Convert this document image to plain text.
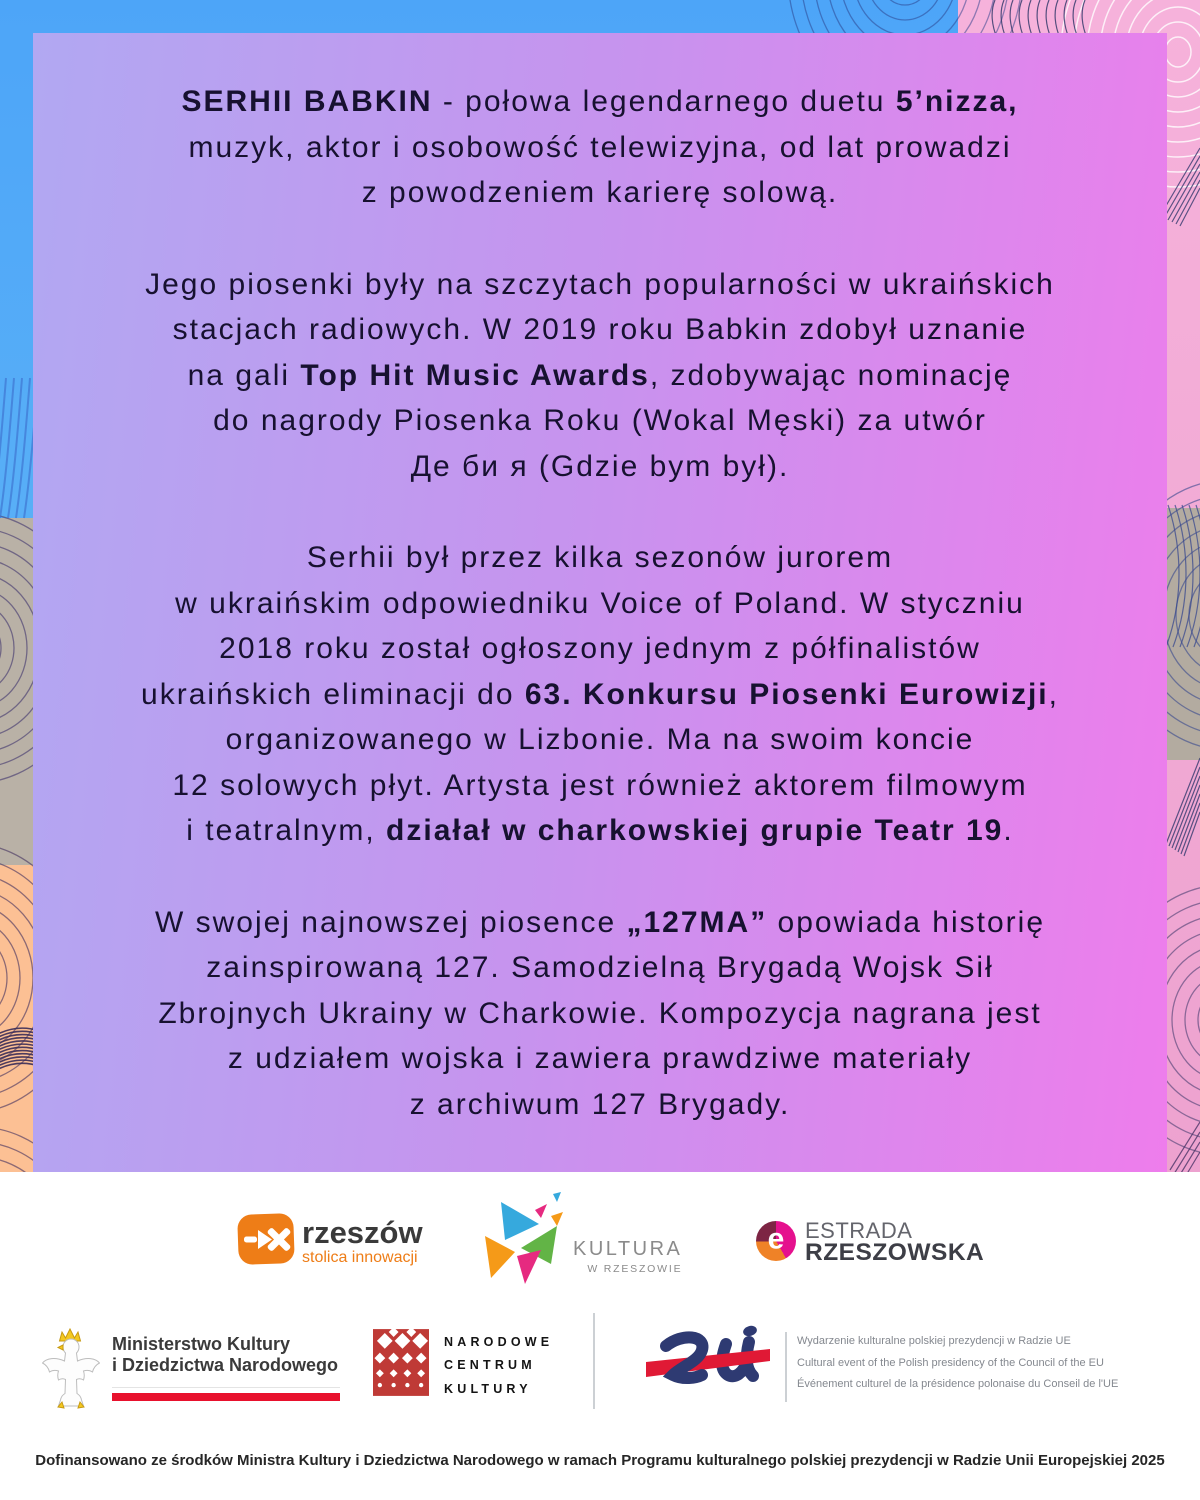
SERHII BABKIN - połowa legendarnego duetu 5’nizza,
muzyk, aktor i osobowość telewizyjna, od lat prowadzi
z powodzeniem karierę solową.
Jego piosenki były na szczytach popularności w ukraińskich
stacjach radiowych. W 2019 roku Babkin zdobył uznanie
na gali Top Hit Music Awards, zdobywając nominację
do nagrody Piosenka Roku (Wokal Męski) za utwór
Де би я (Gdzie bym był).
Serhii był przez kilka sezonów jurorem
w ukraińskim odpowiedniku Voice of Poland. W styczniu
2018 roku został ogłoszony jednym z półfinalistów
ukraińskich eliminacji do 63. Konkursu Piosenki Eurowizji,
organizowanego w Lizbonie. Ma na swoim koncie
12 solowych płyt. Artysta jest również aktorem filmowym
i teatralnym, działał w charkowskiej grupie Teatr 19.
W swojej najnowszej piosence „127MA” opowiada historię
zainspirowaną 127. Samodzielną Brygadą Wojsk Sił
Zbrojnych Ukrainy w Charkowie. Kompozycja nagrana jest
z udziałem wojska i zawiera prawdziwe materiały
z archiwum 127 Brygady.
rzeszów
stolica innowacji	KULTURA
W RZESZOWIE
e ESTRADA
RZESZOWSKA
Ministerstwo Kultury
i Dziedzictwa Narodowego
NARODOWE
CENTRUM
KULTURY
Wydarzenie kulturalne polskiej prezydencji w Radzie UE
Cultural event of the Polish presidency of the Council of the EU
Événement culturel de la présidence polonaise du Conseil de l'UE
Dofinansowano ze środków Ministra Kultury i Dziedzictwa Narodowego w ramach Programu kulturalnego polskiej prezydencji w Radzie Unii Europejskiej 2025
